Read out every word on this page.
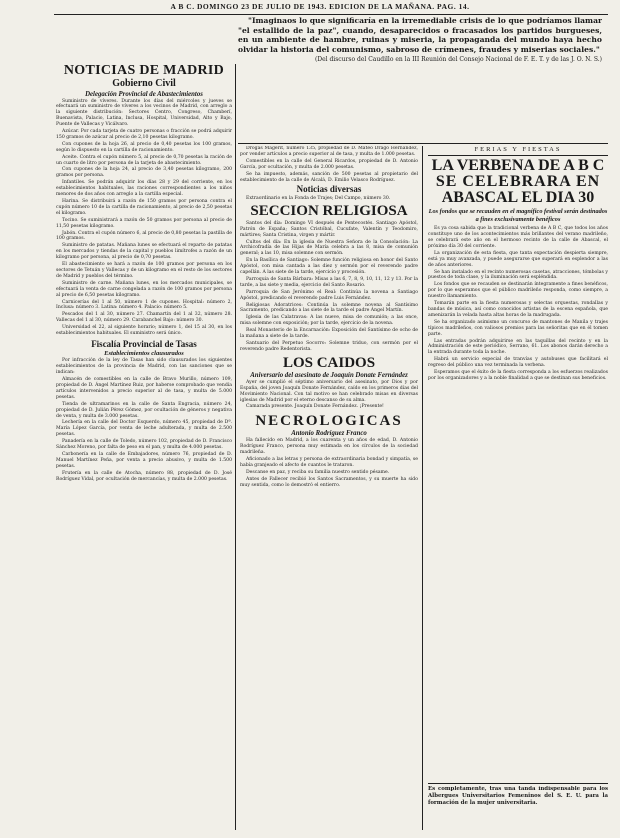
A B C. DOMINGO 23 DE JULIO DE 1943. EDICION DE LA MAÑANA. PAG. 14.

"Imaginaos lo que significaría en la irremediable crisis de lo que podríamos llamar "el estallido de la paz", cuando, desaparecidos o fracasados los partidos burgueses, en un ambiente de hambre, ruinas y miseria, la propaganda del mundo haya hecho olvidar la historia del comunismo, sabroso de crímenes, fraudes y miserias sociales."

(Del discurso del Caudillo en la III Reunión del Consejo Nacional de F. E. T. y de las J. O. N. S.)

NOTICIAS DE MADRID
Gobierno Civil
Delegación Provincial de Abastecimientos

Suministro de víveres. Durante los días del miércoles y jueves se efectuará un suministro de víveres a los vecinos de Madrid, con arreglo a la siguiente distribución: Sectores Centro, Congreso, Chamberí, Buenavista, Palacio, Latina, Inclusa, Hospital, Universidad, Alto y Bajo, Puente de Vallecas y Vicálvaro.

Azúcar. Por cada tarjeta de cuatro personas o fracción se podrá adquirir 150 gramos de azúcar al precio de 2,10 pesetas kilogramo.

Con cupones de la hoja 26, al precio de 0,40 pesetas los 100 gramos, según lo dispuesto en la cartilla de racionamiento.

Aceite. Contra el cupón número 5, al precio de 0,70 pesetas la ración de un cuarto de litro por persona de la tarjeta de abastecimiento.

Con cupones de la hoja 24, al precio de 3,40 pesetas kilogramo, 200 gramos por persona.

Infantiles. Se podrán adquirir los días 28 y 29 del corriente, en los establecimientos habituales, las raciones correspondientes a los niños menores de dos años con arreglo a la cartilla especial.

Harina. Se distribuirá a razón de 150 gramos por persona contra el cupón número 10 de la cartilla de racionamiento, al precio de 2,50 pesetas el kilogramo.

Tocino. Se suministrará a razón de 50 gramos por persona al precio de 11,50 pesetas kilogramo.

Jabón. Contra el cupón número 6, al precio de 0,80 pesetas la pastilla de 100 gramos.

Suministro de patatas. Mañana lunes se efectuará el reparto de patatas en los mercados y tiendas de la capital y pueblos limítrofes a razón de un kilogramo por persona, al precio de 0,70 pesetas.

El abastecimiento se hará a razón de 100 gramos por persona en los sectores de Tetuán y Vallecas y de un kilogramo en el resto de los sectores de Madrid y pueblos del término.

Suministro de carne. Mañana lunes, en los mercados municipales, se efectuará la venta de carne congelada a razón de 100 gramos por persona al precio de 6,50 pesetas kilogramo.

Carnicerías del 1 al 50, número 1 de cupones. Hospital: número 2, Inclusa: número 3. Latina: número 4. Palacio: número 5.

Pescados del 1 al 30, número 27. Chamartín del 1 al 32, número 28. Vallecas del 1 al 30, número 29. Carabanchel Bajo: número 30.

Universidad el 22, al siguiente horario; número 1, del 15 al 30, en los establecimientos habituales. El suministro será único.

Fiscalía Provincial de Tasas
Establecimientos clausurados

Por infracción de la ley de Tasas han sido clausurados los siguientes establecimientos de la provincia de Madrid, con las sanciones que se indican:

Almacén de comestibles en la calle de Bravo Murillo, número 109, propiedad de D. Ángel Martínez Ruiz, por haberse comprobado que vendía artículos intervenidos a precio superior al de tasa, y multa de 5.000 pesetas.

Tienda de ultramarinos en la calle de Santa Engracia, número 24, propiedad de D. Julián Pérez Gómez, por ocultación de géneros y negativa de venta, y multa de 3.000 pesetas.

Lechería en la calle del Doctor Esquerdo, número 45, propiedad de Dª. María López García, por venta de leche adulterada, y multa de 2.500 pesetas.

Panadería en la calle de Toledo, número 102, propiedad de D. Francisco Sánchez Moreno, por falta de peso en el pan, y multa de 4.000 pesetas.

Carbonería en la calle de Embajadores, número 76, propiedad de D. Manuel Martínez Peña, por venta a precio abusivo, y multa de 1.500 pesetas.

Frutería en la calle de Atocha, número 88, propiedad de D. José Rodríguez Vidal, por ocultación de mercancías, y multa de 2.000 pesetas.

Drogas Magerit, número 135, propiedad de D. Mateo Drago Hernández, por vender artículos a precio superior al de tasa, y multa de 1.000 pesetas.

Comestibles en la calle del General Ricardos, propiedad de D. Antonio García, por ocultación, y multa de 2.000 pesetas.

Se ha impuesto, además, sanción de 500 pesetas al propietario del establecimiento de la calle de Alcalá, D. Emilio Velasco Rodríguez.

Noticias diversas

Extraordinario en la Fonda de Trajes; Del Campo, número 30.

SECCION RELIGIOSA

Santos del día: Domingo VI después de Pentecostés. Santiago Apóstol, Patrón de España; Santos Cristóbal, Cucufate, Valentín y Teodomiro, mártires; Santa Cristina, virgen y mártir.

Cultos del día: En la iglesia de Nuestra Señora de la Consolación: La Archicofradía de las Hijas de María celebra a las 8, misa de comunión general; a las 10, misa solemne con sermón.

En la Basílica de Santiago: Solemne función religiosa en honor del Santo Apóstol, con misa cantada a las diez y sermón por el reverendo padre capellán. A las siete de la tarde, ejercicio y procesión.

Parroquia de Santa Bárbara: Misas a las 6, 7, 8, 9, 10, 11, 12 y 13. Por la tarde, a las siete y media, ejercicio del Santo Rosario.

Parroquia de San Jerónimo el Real: Continúa la novena a Santiago Apóstol, predicando el reverendo padre Luis Fernández.

Religiosas Adoratrices: Continúa la solemne novena al Santísimo Sacramento, predicando a las siete de la tarde el padre Ángel Martín.

Iglesia de las Calatravas: A las nueve, misa de comunión; a las once, misa solemne con exposición; por la tarde, ejercicio de la novena.

Real Monasterio de la Encarnación: Exposición del Santísimo de ocho de la mañana a siete de la tarde.

Santuario del Perpetuo Socorro: Solemne triduo, con sermón por el reverendo padre Redentorista.

LOS CAIDOS
Aniversario del asesinato de Joaquín Donate Fernández

Ayer se cumplió el séptimo aniversario del asesinato, por Dios y por España, del joven Joaquín Donate Fernández, caído en los primeros días del Movimiento Nacional. Con tal motivo se han celebrado misas en diversas iglesias de Madrid por el eterno descanso de su alma.

Camarada presente. Joaquín Donate Fernández. ¡Presente!

NECROLOGICAS
Antonio Rodríguez Franco

Ha fallecido en Madrid, a los cuarenta y un años de edad, D. Antonio Rodríguez Franco, persona muy estimada en los círculos de la sociedad madrileña.

Aficionado a las letras y persona de extraordinaria bondad y simpatía, se había granjeado el afecto de cuantos le trataron.

Descanse en paz, y reciba su familia nuestro sentido pésame.

Antes de Fallecer recibió los Santos Sacramentos, y su muerte ha sido muy sentida, como lo demostró el entierro.

FERIAS Y FIESTAS
LA VERBENA DE A B C
SE CELEBRARA EN
ABASCAL EL DIA 30
Los fondos que se recauden en el magnífico festival serán destinados a fines exclusivamente benéficos

Es ya cosa sabida que la tradicional verbena de A B C, que todos los años constituye uno de los acontecimientos más brillantes del verano madrileño, se celebrará este año en el hermoso recinto de la calle de Abascal, el próximo día 30 del corriente.

La organización de esta fiesta, que tanta expectación despierta siempre, está ya muy avanzada, y puede asegurarse que superará en esplendor a las de años anteriores.

Se han instalado en el recinto numerosas casetas, atracciones, tómbolas y puestos de toda clase, y la iluminación será espléndida.

Los fondos que se recauden se destinarán íntegramente a fines benéficos, por lo que esperamos que el público madrileño responda, como siempre, a nuestro llamamiento.

Tomarán parte en la fiesta numerosas y selectas orquestas, rondallas y bandas de música, así como conocidos artistas de la escena española, que amenizarán la velada hasta altas horas de la madrugada.

Se ha organizado asimismo un concurso de mantones de Manila y trajes típicos madrileños, con valiosos premios para las señoritas que en él tomen parte.

Las entradas podrán adquirirse en las taquillas del recinto y en la Administración de este periódico, Serrano, 61. Los abonos darán derecho a la entrada durante toda la noche.

Habrá un servicio especial de tranvías y autobuses que facilitará el regreso del público una vez terminada la verbena.

Esperamos que el éxito de la fiesta corresponda a los esfuerzos realizados por los organizadores y a la noble finalidad a que se destinan sus beneficios.

Es completamente, tras una tanda indispensable para los Albergues Universitarios Femeninos del S. E. U. para la formación de la mujer universitaria.
